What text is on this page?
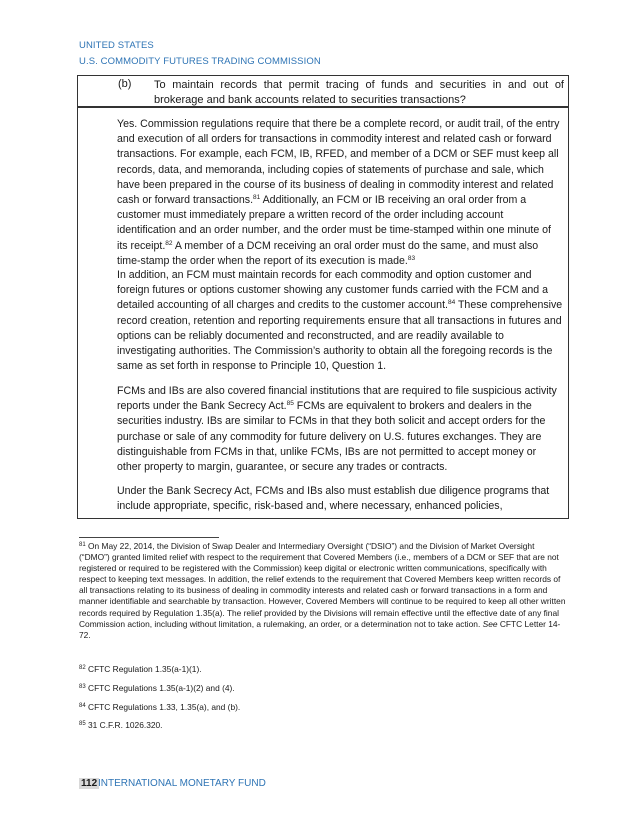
UNITED STATES
U.S. COMMODITY FUTURES TRADING COMMISSION
(b) To maintain records that permit tracing of funds and securities in and out of brokerage and bank accounts related to securities transactions?
Yes. Commission regulations require that there be a complete record, or audit trail, of the entry and execution of all orders for transactions in commodity interest and related cash or forward transactions. For example, each FCM, IB, RFED, and member of a DCM or SEF must keep all records, data, and memoranda, including copies of statements of purchase and sale, which have been prepared in the course of its business of dealing in commodity interest and related cash or forward transactions.$^{81}$ Additionally, an FCM or IB receiving an oral order from a customer must immediately prepare a written record of the order including account identification and an order number, and the order must be time-stamped within one minute of its receipt.$^{82}$ A member of a DCM receiving an oral order must do the same, and must also time-stamp the order when the report of its execution is made.$^{83}$
In addition, an FCM must maintain records for each commodity and option customer and foreign futures or options customer showing any customer funds carried with the FCM and a detailed accounting of all charges and credits to the customer account.$^{84}$ These comprehensive record creation, retention and reporting requirements ensure that all transactions in futures and options can be reliably documented and reconstructed, and are readily available to investigating authorities. The Commission’s authority to obtain all the foregoing records is the same as set forth in response to Principle 10, Question 1.
FCMs and IBs are also covered financial institutions that are required to file suspicious activity reports under the Bank Secrecy Act.$^{85}$ FCMs are equivalent to brokers and dealers in the securities industry. IBs are similar to FCMs in that they both solicit and accept orders for the purchase or sale of any commodity for future delivery on U.S. futures exchanges. They are distinguishable from FCMs in that, unlike FCMs, IBs are not permitted to accept money or other property to margin, guarantee, or secure any trades or contracts.
Under the Bank Secrecy Act, FCMs and IBs also must establish due diligence programs that include appropriate, specific, risk-based and, where necessary, enhanced policies,
$^{81}$ On May 22, 2014, the Division of Swap Dealer and Intermediary Oversight (“DSIO”) and the Division of Market Oversight (“DMO”) granted limited relief with respect to the requirement that Covered Members (i.e., members of a DCM or SEF that are not registered or required to be registered with the Commission) keep digital or electronic written communications, specifically with respect to keeping text messages. In addition, the relief extends to the requirement that Covered Members keep written records of all transactions relating to its business of dealing in commodity interests and related cash or forward transactions in a form and manner identifiable and searchable by transaction. However, Covered Members will continue to be required to keep all other written records required by Regulation 1.35(a). The relief provided by the Divisions will remain effective until the effective date of any final Commission action, including without limitation, a rulemaking, an order, or a determination not to take action. See CFTC Letter 14-72.
$^{82}$ CFTC Regulation 1.35(a-1)(1).
$^{83}$ CFTC Regulations 1.35(a-1)(2) and (4).
$^{84}$ CFTC Regulations 1.33, 1.35(a), and (b).
$^{85}$ 31 C.F.R. 1026.320.
112 INTERNATIONAL MONETARY FUND
